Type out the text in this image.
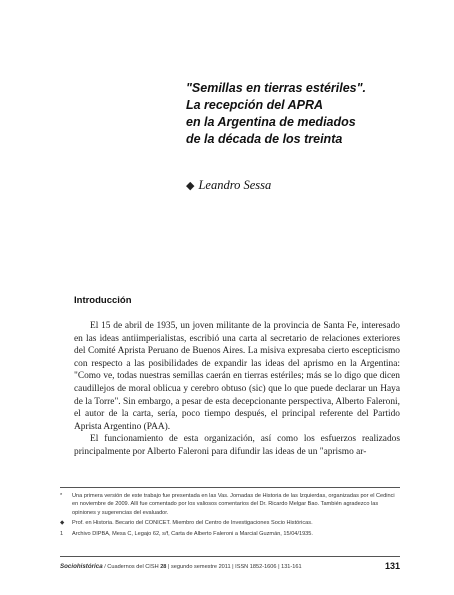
"Semillas en tierras estériles".
La recepción del APRA
en la Argentina de mediados
de la década de los treinta
◆ Leandro Sessa
Introducción

El 15 de abril de 1935, un joven militante de la provincia de Santa Fe, interesado en las ideas antiimperialistas, escribió una carta al secretario de relaciones exteriores del Comité Aprista Peruano de Buenos Aires. La misiva expresaba cierto escepticismo con respecto a las posibilidades de expandir las ideas del aprismo en la Argentina: "Como ve, todas nuestras semillas caerán en tierras estériles; más se lo digo que dicen caudillejos de moral oblicua y cerebro obtuso (sic) que lo que puede declarar un Haya de la Torre". Sin embargo, a pesar de esta decepcionante perspectiva, Alberto Faleroni, el autor de la carta, sería, poco tiempo después, el principal referente del Partido Aprista Argentino (PAA).

El funcionamiento de esta organización, así como los esfuerzos realizados principalmente por Alberto Faleroni para difundir las ideas de un "aprismo ar-

*	Una primera versión de este trabajo fue presentada en las Vas. Jornadas de Historia de las Izquierdas, organizadas por el Cedinci en noviembre de 2009. Allí fue comentado por los valiosos comentarios del Dr. Ricardo Melgar Bao. También agradezco las opiniones y sugerencias del evaluador.
◆	Prof. en Historia. Becario del CONICET. Miembro del Centro de Investigaciones Socio Históricas.
1	Archivo DIPBA, Mesa C, Legajo 62, s/f, Carta de Alberto Faleroni a Marcial Guzmán, 15/04/1935.
Sociohistórica / Cuadernos del CISH 28 | segundo semestre 2011 | ISSN 1852-1606 | 131-161	131
